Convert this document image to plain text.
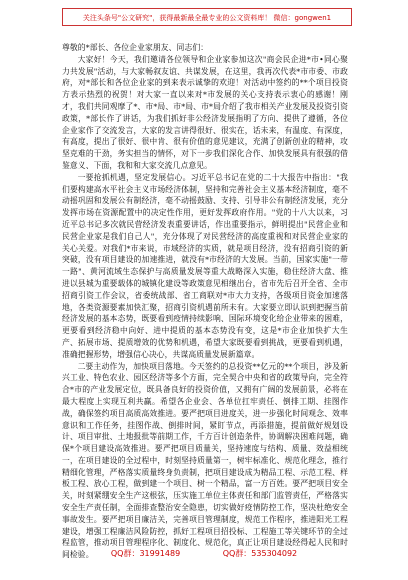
关注头条号"公文研究"，获得最新最全最专业的公文资料库！ 微信：gongwen1

尊敬的*部长、各位企业家朋友、同志们：

大家好！今天，我们邀请各位领导和企业家参加这次"商会民企进*市•同心聚力共发展"活动，与大家畅叙友谊、共谋发展，在这里，我再次代表*市市委、市政府，对*部长和各位企业家的到来表示诚挚的欢迎！对活动中签约的**个项目投资方表示热烈的祝贺！对大家一直以来对*市发展的关心支持表示衷心的感谢！刚才，我们共同观摩了*、市*局、市*局、市*局介绍了我市相关产业发展及投资引资政策，*部长作了讲话，为我们抓好非公经济发展指明了方向、提供了遵循，各位企业家作了交流发言，大家的发言讲得很好、很实在，话未来，有温度、有深度，有高度，提出了很好、很中肯、很有价值的意见建议，充满了创新创业的精神，攻坚克难的干劲，务实担当的情怀，对下一步我们深化合作、加快发展具有很强的借鉴意义、下面，我和和大家交流几点意见。

一要抢抓机遇，坚定发展信心。习近平总书记在党的二十大报告中指出："我们要构建高水平社会主义市场经济体制，坚持和完善社会主义基本经济制度，毫不动摇巩固和发展公有制经济，毫不动摇鼓励、支持、引导非公有制经济发展，充分发挥市场在资源配置中的决定性作用，更好发挥政府作用。"党的十八大以来，习近平总书记多次就民营经济发表重要讲话，作出重要指示，鲜明提出"民营企业和民营企业家是我们自己人"，充分体现了对民营经济的高度重视和对民营企业家的关心关爱。对我们*市来说，市域经济的实质，就是项目经济，没有招商引资的新突破，没有项目建设的加速推进，就没有*市经济的大发展。当前，国家实施"一带一路"、黄河流域生态保护与高质量发展等重大战略深入实施，稳住经济大盘、推进以县城为重要载体的城镇化建设等政策意见相继出台，省市先后召开全省、全市招商引资工作会议，省委统战部、省工商联对*市大力支持，各级项目资金加速落地，各类资源要素加快汇聚，招商引资机遇前所未有。大家要立即认识到把握当前经济发展的基本态势，既要看到疫情持续影响、国际环境变化给企业带来的困难，更要看到经济稳中向好、进中提质的基本态势没有变，这是*市企业加快扩大生产、拓展市场、提质增效的优势和机遇，希望大家既要看到挑战，更要看到机遇，准确把握形势，增强信心决心，共谋高质量发展新篇章。

二要主动作为，加快项目落地。今天签约的总投资**亿元的**个项目，涉及新兴工业、特色农业、园区经济等多个方面，完全契合中央和省的政策导向，完全符合*市的产业发展定位，既具备良好的投资价值，又拥有广阔的发展前景，必将在最大程度上实现互利共赢。希望各企业会、各单位扛牢责任、倒排工期、挂图作战，确保签约项目高质高效推进。要严把项目进度关，进一步强化时间观念、效率意识和工作任务，挂图作战、倒排时间，紧盯节点，再添措施，提前做好规划设计、项目审批、土地报批等前期工作，千方百计创造条件，协调解决困难问题，确保*个项目建设高效推进。要严把项目质量关，坚持速度与结构、质量、效益相统一，在项目建设的全过程中，时刻坚持质量第一，树牢标准化、规范化理念，推行精细化管理，严格落实质量终身负责制，把项目建设成为精品工程、示范工程、样板工程、放心工程，做到建一个项目、树一个精品，富一方百姓。要严把项目安全关，时刻紧绷安全生产这根弦，压实施工单位主体责任和部门监管责任，严格落实安全生产责任制，全面排查整治安全隐患，切实做好疫情防控工作，坚决杜绝安全事故发生。要严把项目廉洁关，完善项目管理制度，规范工作程序，推进阳光工程建设，增强工程廉洁风险防控，抓好工程项目招投标、工程施工等关键环节的全过程监管，推动项目管理程序化、制度化、规范化，真正让项目建设经得起人民和时间检验。	QQ群：31991489	QQ群：535304092
